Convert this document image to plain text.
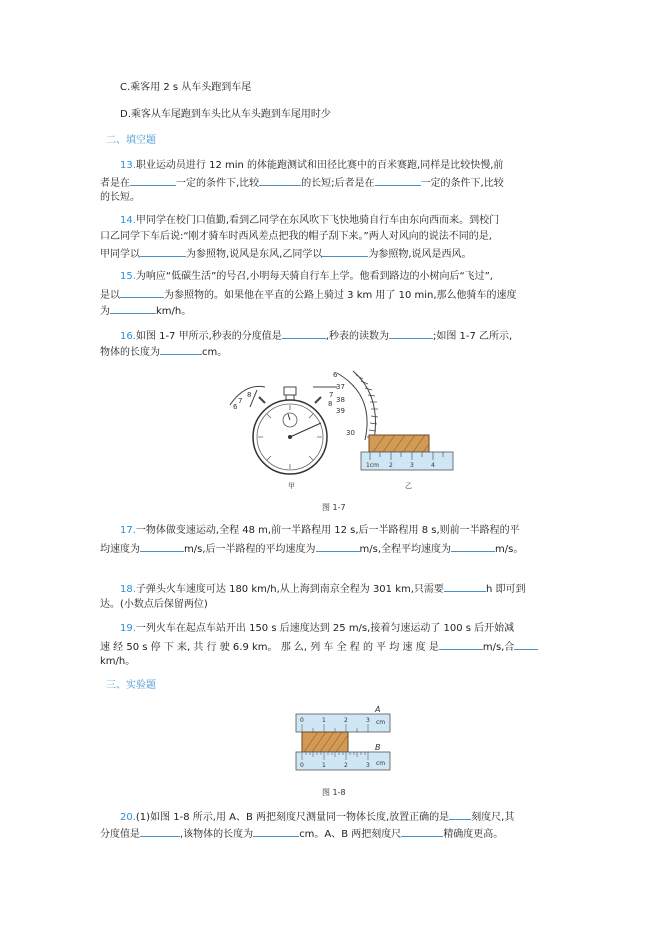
C.乘客用 2 s 从车头跑到车尾
D.乘客从车尾跑到车头比从车头跑到车尾用时少
二、填空题
13.职业运动员进行 12 min 的体能跑测试和田径比赛中的百米赛跑,同样是比较快慢,前
者是在	一定的条件下,比较	的长短;后者是在	一定的条件下,比较
的长短。
14.甲同学在校门口值勤,看到乙同学在东风吹下飞快地骑自行车由东向西而来。到校门
口乙同学下车后说:“刚才骑车时西风差点把我的帽子刮下来。”两人对风向的说法不同的是,
甲同学以	为参照物,说风是东风,乙同学以	为参照物,说风是西风。
15.为响应“低碳生活”的号召,小明每天骑自行车上学。他看到路边的小树向后“飞过”,
是以	为参照物的。如果他在平直的公路上骑过 3 km 用了 10 min,那么他骑车的速度
为	km/h。
16.如图 1-7 甲所示,秒表的分度值是	,秒表的读数为	;如图 1-7 乙所示,
物体的长度为	cm。
6
37
7
8 38
39
30
8
7
6
甲
1cm 2	3	4
乙
图 1-7
17.一物体做变速运动,全程 48 m,前一半路程用 12 s,后一半路程用 8 s,则前一半路程的平
均速度为	m/s,后一半路程的平均速度为	m/s,全程平均速度为	m/s。
18.子弹头火车速度可达 180 km/h,从上海到南京全程为 301 km,只需要	h 即可到
达。(小数点后保留两位)
19.一列火车在起点车站开出 150 s 后速度达到 25 m/s,接着匀速运动了 100 s 后开始减
速 经 50 s 停 下 来, 共 行 驶 6.9 km。 那 么, 列 车 全 程 的 平 均 速 度 是	m/s,合
km/h。
三、实验题
A
0	1	2	3 cm
B
0	1	2	3 cm
图 1-8
20.(1)如图 1-8 所示,用 A、B 两把刻度尺测量同一物体长度,放置正确的是 刻度尺,其
分度值是	,该物体的长度为	cm。A、B 两把刻度尺	精确度更高。
